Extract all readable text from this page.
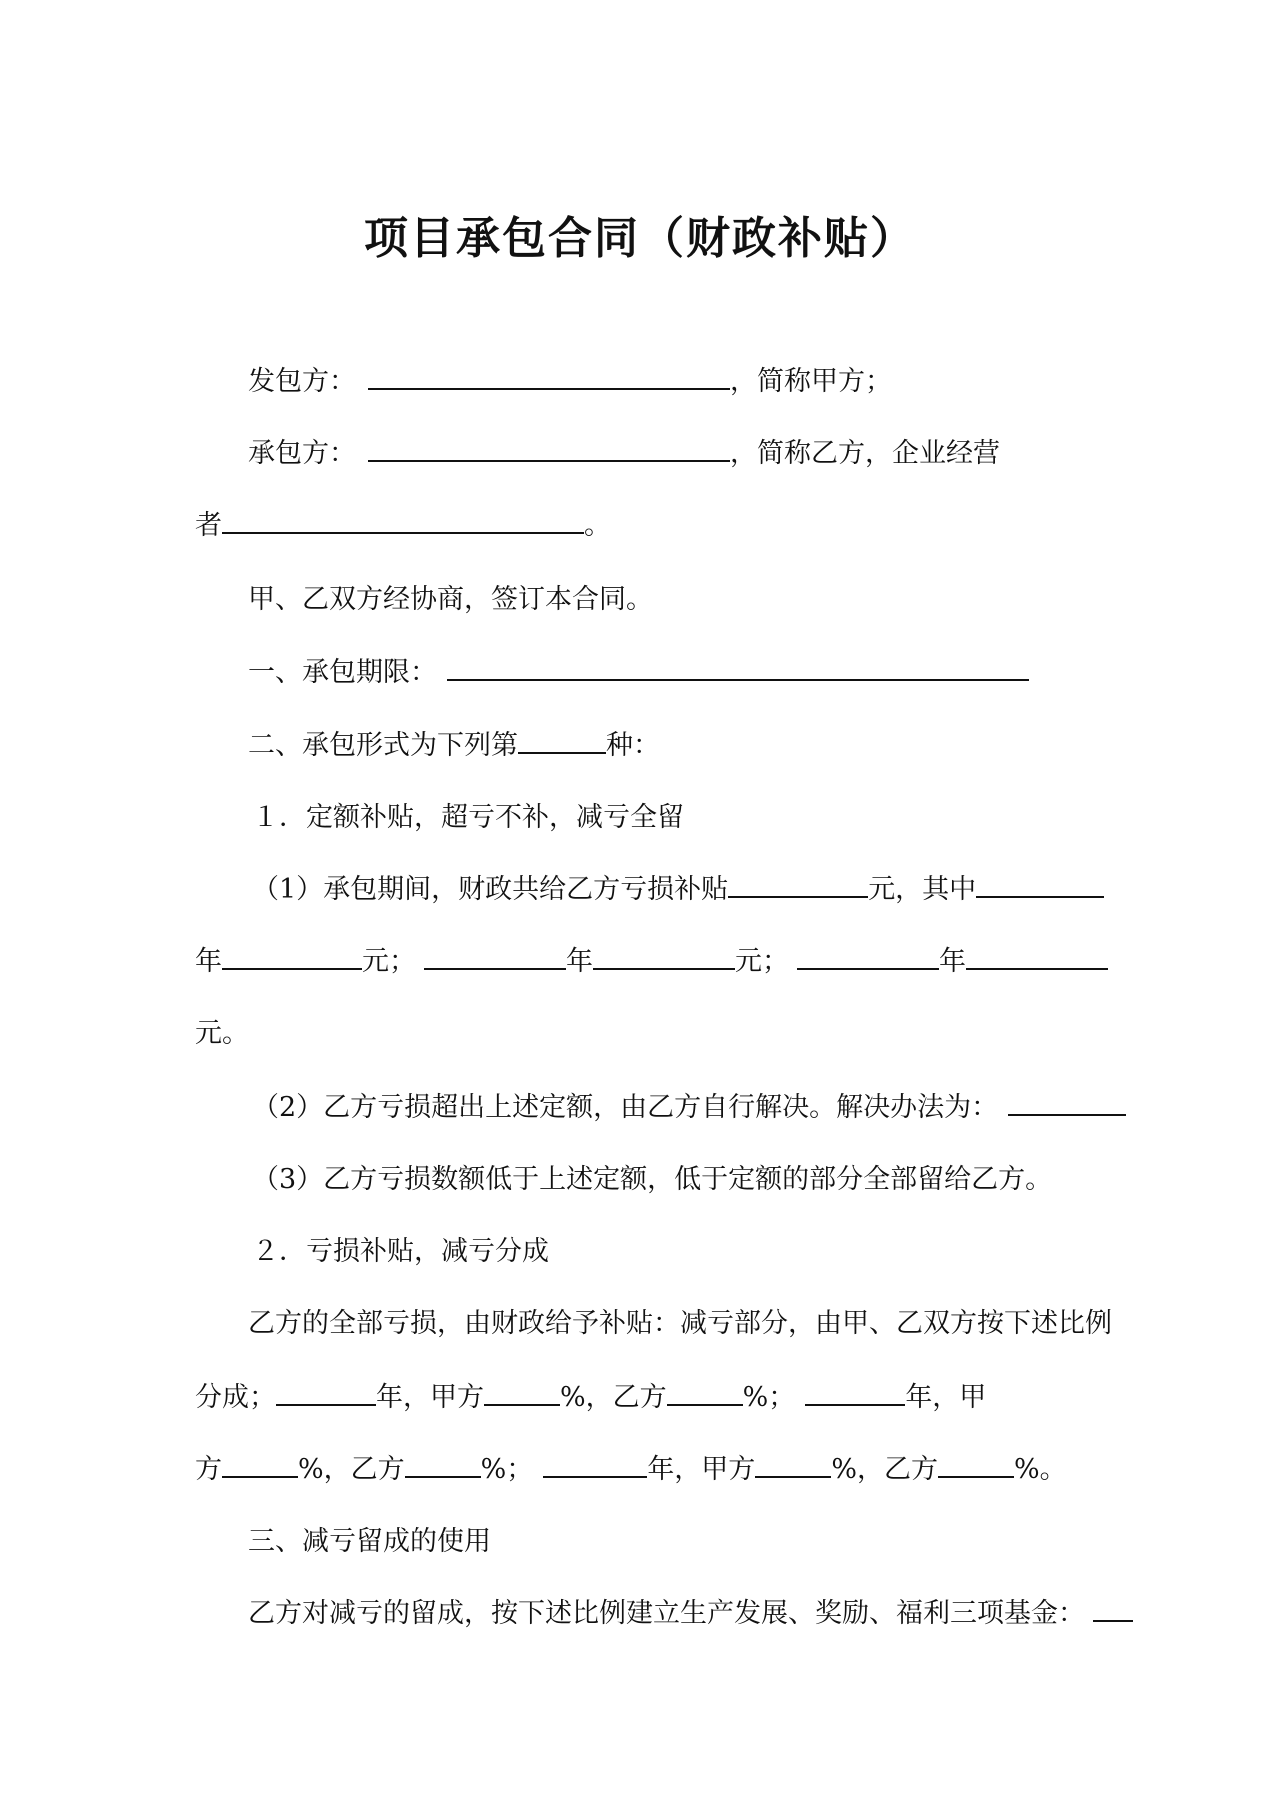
项目承包合同（财政补贴）
发包方：	，简称甲方；
承包方：	，简称乙方，企业经营
者	。
甲、乙双方经协商，签订本合同。
一、承包期限：
二、承包形式为下列第	种：
１．定额补贴，超亏不补，减亏全留
（1）承包期间，财政共给乙方亏损补贴	元，其中
年	元；	年	元；	年
元。
（2）乙方亏损超出上述定额，由乙方自行解决。解决办法为：
（3）乙方亏损数额低于上述定额，低于定额的部分全部留给乙方。
２．亏损补贴，减亏分成
乙方的全部亏损，由财政给予补贴：减亏部分，由甲、乙双方按下述比例
分成；	年，甲方	%，乙方	%；	年，甲
方	%，乙方	%；	年，甲方	%，乙方	%。
三、减亏留成的使用
乙方对减亏的留成，按下述比例建立生产发展、奖励、福利三项基金：
